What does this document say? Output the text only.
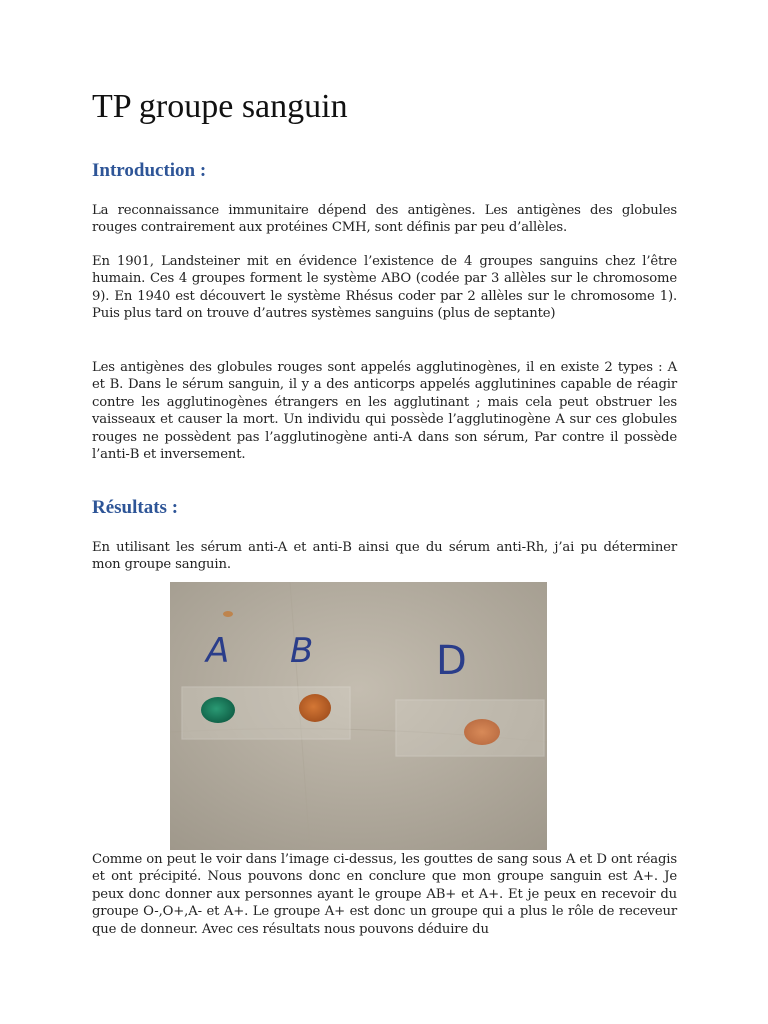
TP groupe sanguin
Introduction :

La reconnaissance immunitaire dépend des antigènes. Les antigènes des globules rouges contrairement aux protéines CMH, sont définis par peu d’allèles.

En 1901, Landsteiner mit en évidence l’existence de 4 groupes sanguins chez l’être humain. Ces 4 groupes forment le système ABO (codée par 3 allèles sur le chromosome 9). En 1940 est découvert le système Rhésus coder par 2 allèles sur le chromosome 1). Puis plus tard on trouve d’autres systèmes sanguins (plus de septante)

Les antigènes des globules rouges sont appelés agglutinogènes, il en existe 2 types : A et B. Dans le sérum sanguin, il y a des anticorps appelés agglutinines capable de réagir contre les agglutinogènes étrangers en les agglutinant ; mais cela peut obstruer les vaisseaux et causer la mort. Un individu qui possède l’agglutinogène A sur ces globules rouges ne possèdent pas l’agglutinogène anti-A dans son sérum, Par contre il possède l’anti-B et inversement.

Résultats :

En utilisant les sérum anti-A et anti-B ainsi que du sérum anti-Rh, j’ai pu déterminer mon groupe sanguin.

Comme on peut le voir dans l’image ci-dessus, les gouttes de sang sous A et D ont réagis et ont précipité. Nous pouvons donc en conclure que mon groupe sanguin est A+. Je peux donc donner aux personnes ayant le groupe AB+ et A+. Et je peux en recevoir du groupe O-,O+,A- et A+. Le groupe A+ est donc un groupe qui a plus le rôle de receveur que de donneur. Avec ces résultats nous pouvons déduire du

A B	D
